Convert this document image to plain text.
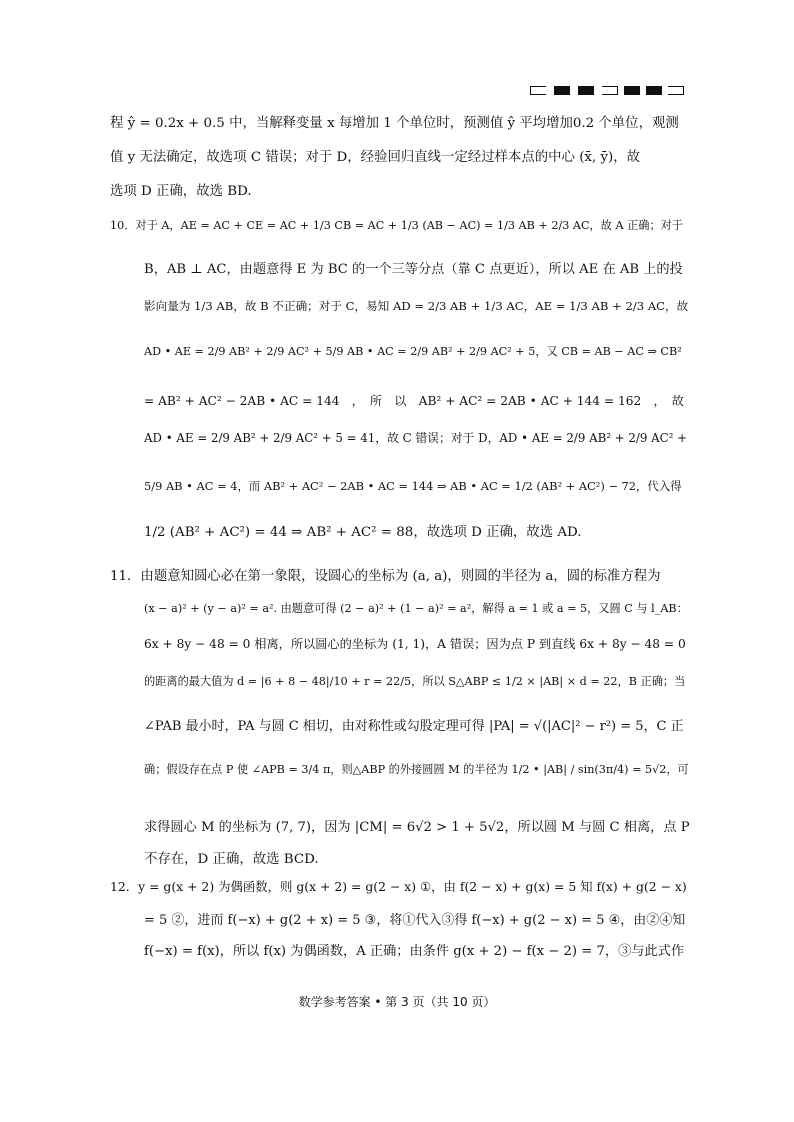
程 ŷ = 0.2x + 0.5 中，当解释变量 x 每增加 1 个单位时，预测值 ŷ 平均增加0.2 个单位，观测
值 y 无法确定，故选项 C 错误；对于 D，经验回归直线一定经过样本点的中心 (x̄, ȳ)，故
选项 D 正确，故选 BD.
10．对于 A，AE = AC + CE = AC + 1/3 CB = AC + 1/3 (AB − AC) = 1/3 AB + 2/3 AC，故 A 正确；对于
B，AB ⊥ AC，由题意得 E 为 BC 的一个三等分点（靠 C 点更近），所以 AE 在 AB 上的投
影向量为 1/3 AB，故 B 不正确；对于 C，易知 AD = 2/3 AB + 1/3 AC，AE = 1/3 AB + 2/3 AC，故
AD • AE = 2/9 AB² + 2/9 AC² + 5/9 AB • AC = 2/9 AB² + 2/9 AC² + 5，又 CB = AB − AC ⇒ CB²
= AB² + AC² − 2AB • AC = 144　，　所　以　AB² + AC² = 2AB • AC + 144 = 162　，　故
AD • AE = 2/9 AB² + 2/9 AC² + 5 = 41，故 C 错误；对于 D，AD • AE = 2/9 AB² + 2/9 AC² +
5/9 AB • AC = 4，而 AB² + AC² − 2AB • AC = 144 ⇒ AB • AC = 1/2 (AB² + AC²) − 72，代入得
1/2 (AB² + AC²) = 44 ⇒ AB² + AC² = 88，故选项 D 正确，故选 AD.
11．由题意知圆心必在第一象限，设圆心的坐标为 (a, a)，则圆的半径为 a，圆的标准方程为
(x − a)² + (y − a)² = a². 由题意可得 (2 − a)² + (1 − a)² = a²，解得 a = 1 或 a = 5，又圆 C 与 l_AB：
6x + 8y − 48 = 0 相离，所以圆心的坐标为 (1, 1)，A 错误；因为点 P 到直线 6x + 8y − 48 = 0
的距离的最大值为 d = |6 + 8 − 48|/10 + r = 22/5，所以 S△ABP ≤ 1/2 × |AB| × d = 22，B 正确；当
∠PAB 最小时，PA 与圆 C 相切，由对称性或勾股定理可得 |PA| = √(|AC|² − r²) = 5，C 正
确；假设存在点 P 使 ∠APB = 3/4 π，则△ABP 的外接圆圆 M 的半径为 1/2 • |AB| / sin(3π/4) = 5√2，可
求得圆心 M 的坐标为 (7, 7)，因为 |CM| = 6√2 > 1 + 5√2，所以圆 M 与圆 C 相离，点 P
不存在，D 正确，故选 BCD.
12．y = g(x + 2) 为偶函数，则 g(x + 2) = g(2 − x) ①，由 f(2 − x) + g(x) = 5 知 f(x) + g(2 − x)
= 5 ②，进而 f(−x) + g(2 + x) = 5 ③，将①代入③得 f(−x) + g(2 − x) = 5 ④，由②④知
f(−x) = f(x)，所以 f(x) 为偶函数，A 正确；由条件 g(x + 2) − f(x − 2) = 7，③与此式作
数学参考答案 • 第 3 页（共 10 页）
